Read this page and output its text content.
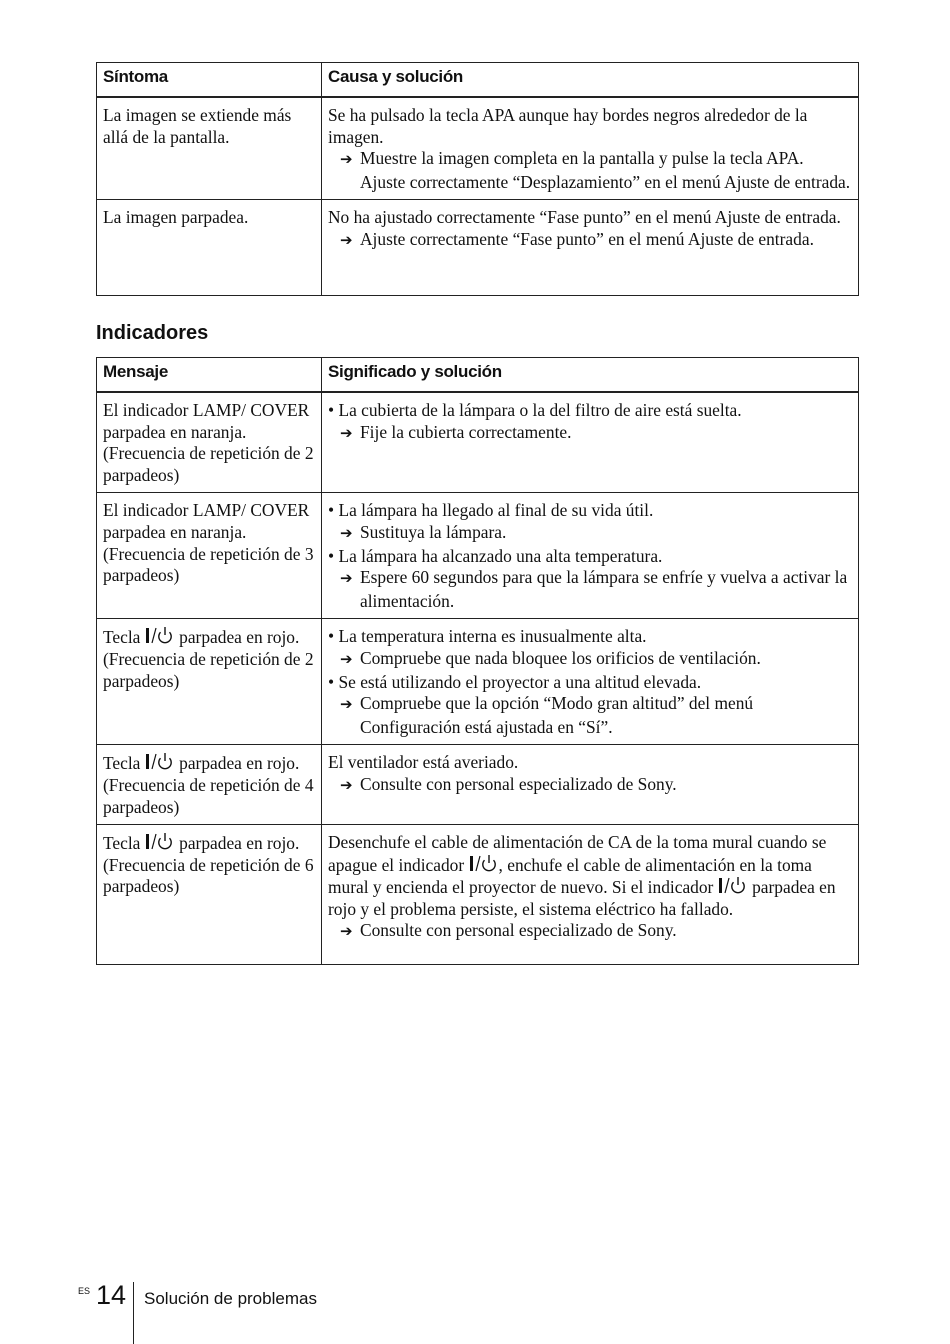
Síntoma	Causa y solución
La imagen se extiende más allá de la pantalla.	Se ha pulsado la tecla APA aunque hay bordes negros alrededor de la imagen.
➔ Muestre la imagen completa en la pantalla y pulse la tecla APA. Ajuste correctamente “Desplazamiento” en el menú Ajuste de entrada.

La imagen parpadea.	No ha ajustado correctamente “Fase punto” en el menú Ajuste de entrada.
➔ Ajuste correctamente “Fase punto” en el menú Ajuste de entrada.
Indicadores
Mensaje	Significado y solución
El indicador LAMP/ COVER parpadea en naranja. (Frecuencia de repetición de 2 parpadeos)	• La cubierta de la lámpara o la del filtro de aire está suelta.
➔ Fije la cubierta correctamente.

El indicador LAMP/ COVER parpadea en naranja. (Frecuencia de repetición de 3 parpadeos)	• La lámpara ha llegado al final de su vida útil.
➔ Sustituya la lámpara.
• La lámpara ha alcanzado una alta temperatura.
➔ Espere 60 segundos para que la lámpara se enfríe y vuelva a activar la alimentación.

Tecla parpadea en rojo. (Frecuencia de repetición de 2 parpadeos)	• La temperatura interna es inusualmente alta.
➔ Compruebe que nada bloquee los orificios de ventilación.
• Se está utilizando el proyector a una altitud elevada.
➔ Compruebe que la opción “Modo gran altitud” del menú Configuración está ajustada en “Sí”.

Tecla parpadea en rojo. (Frecuencia de repetición de 4 parpadeos)	El ventilador está averiado.
➔ Consulte con personal especializado de Sony.

Tecla parpadea en rojo. (Frecuencia de repetición de 6 parpadeos)	Desenchufe el cable de alimentación de CA de la toma mural cuando se apague el indicador , enchufe el cable de alimentación en la toma mural y encienda el proyector de nuevo. Si el indicador parpadea en rojo y el problema persiste, el sistema eléctrico ha fallado.
➔ Consulte con personal especializado de Sony.
ES 14 Solución de problemas
